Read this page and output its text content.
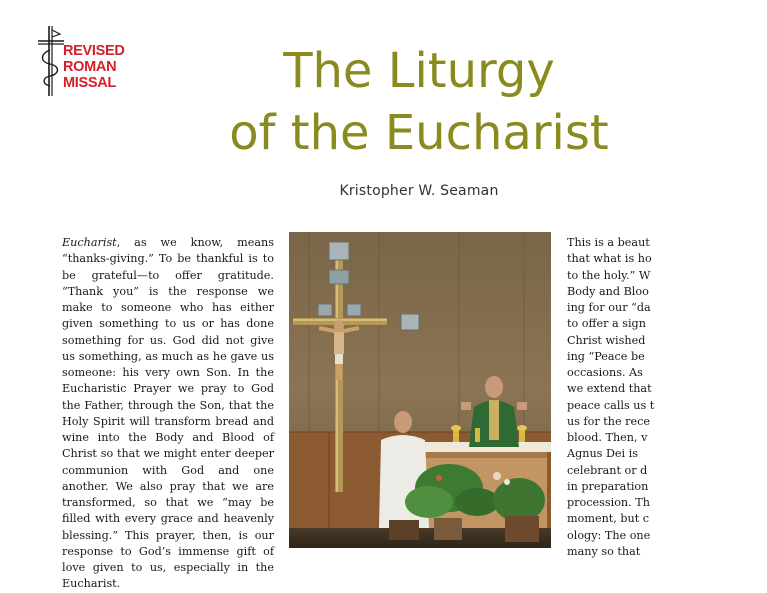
REVISED
ROMAN
MISSAL	The Liturgy
of the Eucharist
Kristopher W. Seaman

Eucharist, as we know, means “thanks-giving.” To be thankful is to be grateful—to offer gratitude. “Thank you” is the response we make to someone who has either given something to us or has done something for us. God did not give us something, as much as he gave us someone: his very own Son. In the Eucharistic Prayer we pray to God the Father, through the Son, that the Holy Spirit will transform bread and wine into the Body and Blood of Christ so that we might enter deeper communion with God and one another. We also pray that we are transformed, so that we “may be filled with every grace and heavenly blessing.” This prayer, then, is our response to God’s immense gift of love given to us, especially in the Eucharist.

This is a beaut
that what is ho
to the holy.” W
Body and Bloo
ing for our “da
to offer a sign
Christ wished
ing “Peace be
occasions. As
we extend that
peace calls us t
us for the rece
blood. Then, v
Agnus Dei is
celebrant or d
in preparation
procession. Th
moment, but c
ology: The one
many so that
